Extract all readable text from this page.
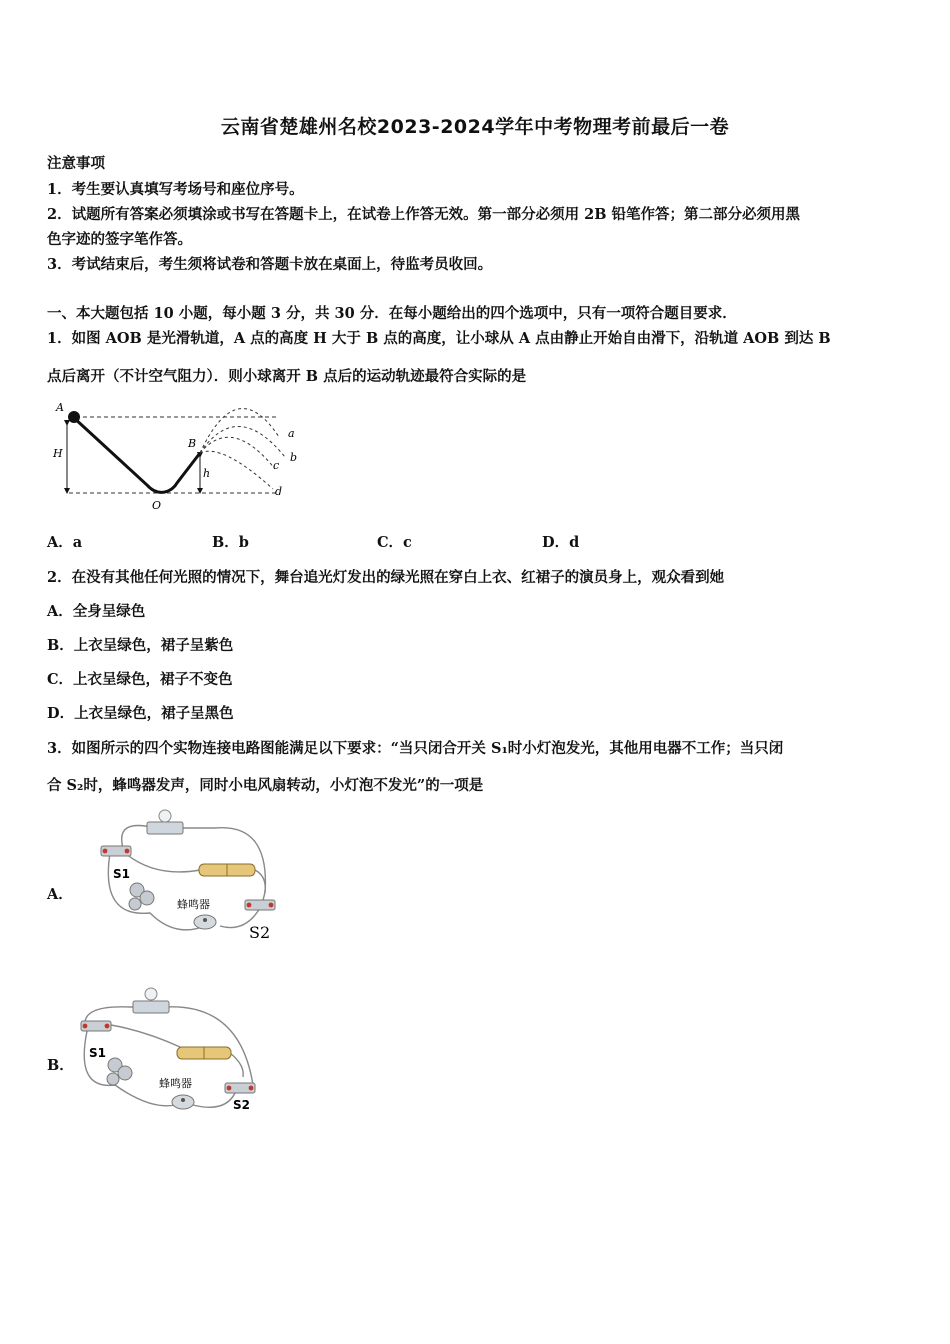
云南省楚雄州名校2023-2024学年中考物理考前最后一卷
注意事项
1．考生要认真填写考场号和座位序号。
2．试题所有答案必须填涂或书写在答题卡上，在试卷上作答无效。第一部分必须用 2B 铅笔作答；第二部分必须用黑
色字迹的签字笔作答。
3．考试结束后，考生须将试卷和答题卡放在桌面上，待监考员收回。
一、本大题包括 10 小题，每小题 3 分，共 30 分．在每小题给出的四个选项中，只有一项符合题目要求．
1．如图 AOB 是光滑轨道，A 点的高度 H 大于 B 点的高度，让小球从 A 点由静止开始自由滑下，沿轨道 AOB 到达 B
点后离开（不计空气阻力）．则小球离开 B 点后的运动轨迹最符合实际的是
A
H
O
B
h
a
b
c
d
A．a	B．b	C．c	D．d
2．在没有其他任何光照的情况下，舞台追光灯发出的绿光照在穿白上衣、红裙子的演员身上，观众看到她
A．全身呈绿色
B．上衣呈绿色，裙子呈紫色
C．上衣呈绿色，裙子不变色
D．上衣呈绿色，裙子呈黑色
3．如图所示的四个实物连接电路图能满足以下要求：“当只闭合开关 S₁时小灯泡发光，其他用电器不工作；当只闭
合 S₂时，蜂鸣器发声，同时小电风扇转动，小灯泡不发光”的一项是
A．
S1
蜂鸣器
S2
B．
S1
蜂鸣器
S2
